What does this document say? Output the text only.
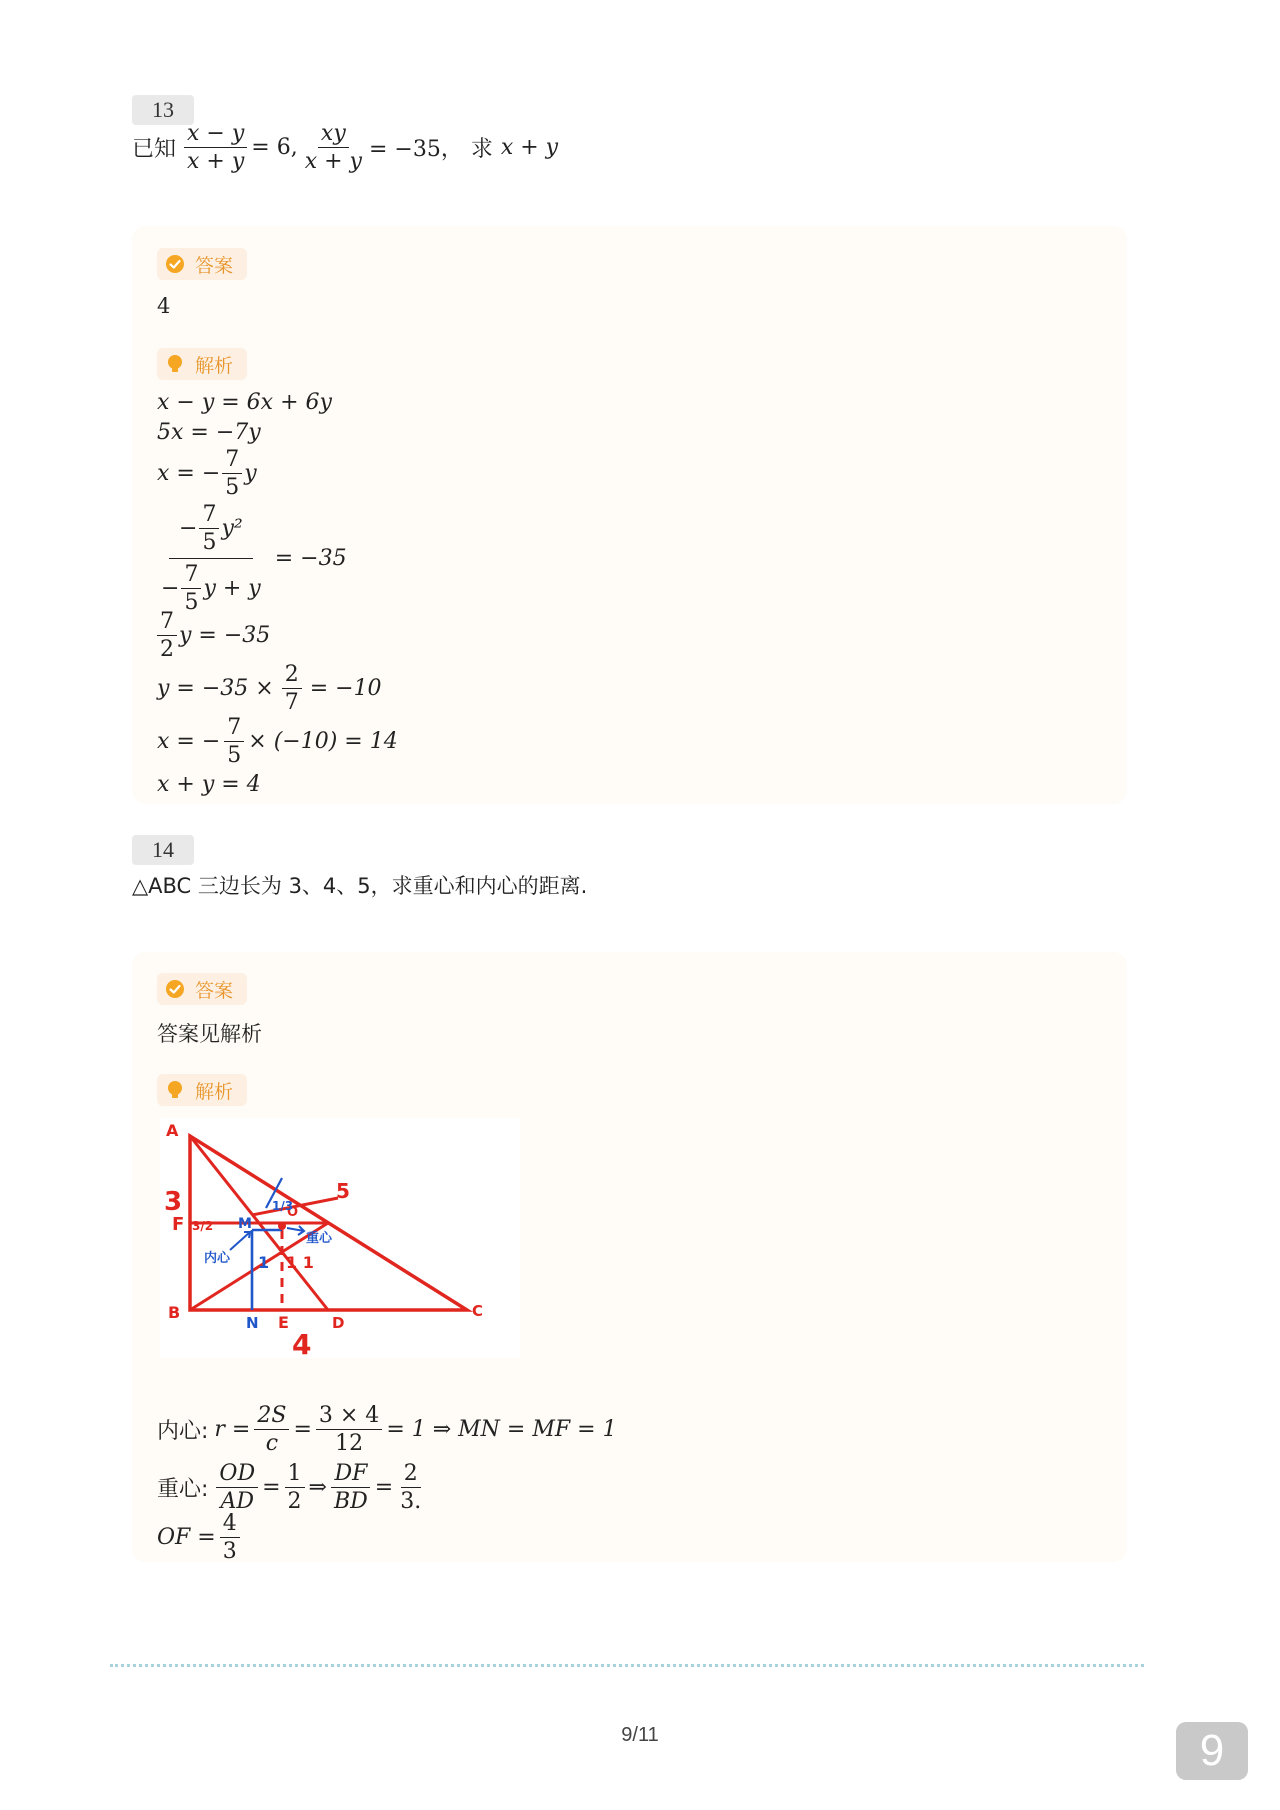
13
已知 $\frac{x - y}{x + y} = 6$, $\frac{xy}{x + y} = -35$， 求 x + y
答案
4
解析
x − y = 6x + 6y
5x = −7y
x = − $\frac{7}{5}$ y
$\frac{- \frac{7}{5} y^2}{- \frac{7}{5} y + y} = -35$
$\frac{7}{2}$ y = −35
$y = -35 \times \frac{2}{7} = -10$
x = − $\frac{7}{5} \times (-10) = 14$
x + y = 4
14
△ABC 三边长为 3、4、5，求重心和内心的距离.
答案
答案见解析
解析
A
B	C
D
E
F
N
M
O
3
4
5
1/3
3/2
内心
重心
1 1 1
内心: $r = \frac{2S}{c} = \frac{3 \times 4}{12} = 1$ ⇒ MN = MF = 1
重心: $\frac{OD}{AD} = \frac{1}{2}$ ⇒ $\frac{DF}{BD} = \frac{2}{3.}$
OF = $\frac{4}{3}$
9/11	9
